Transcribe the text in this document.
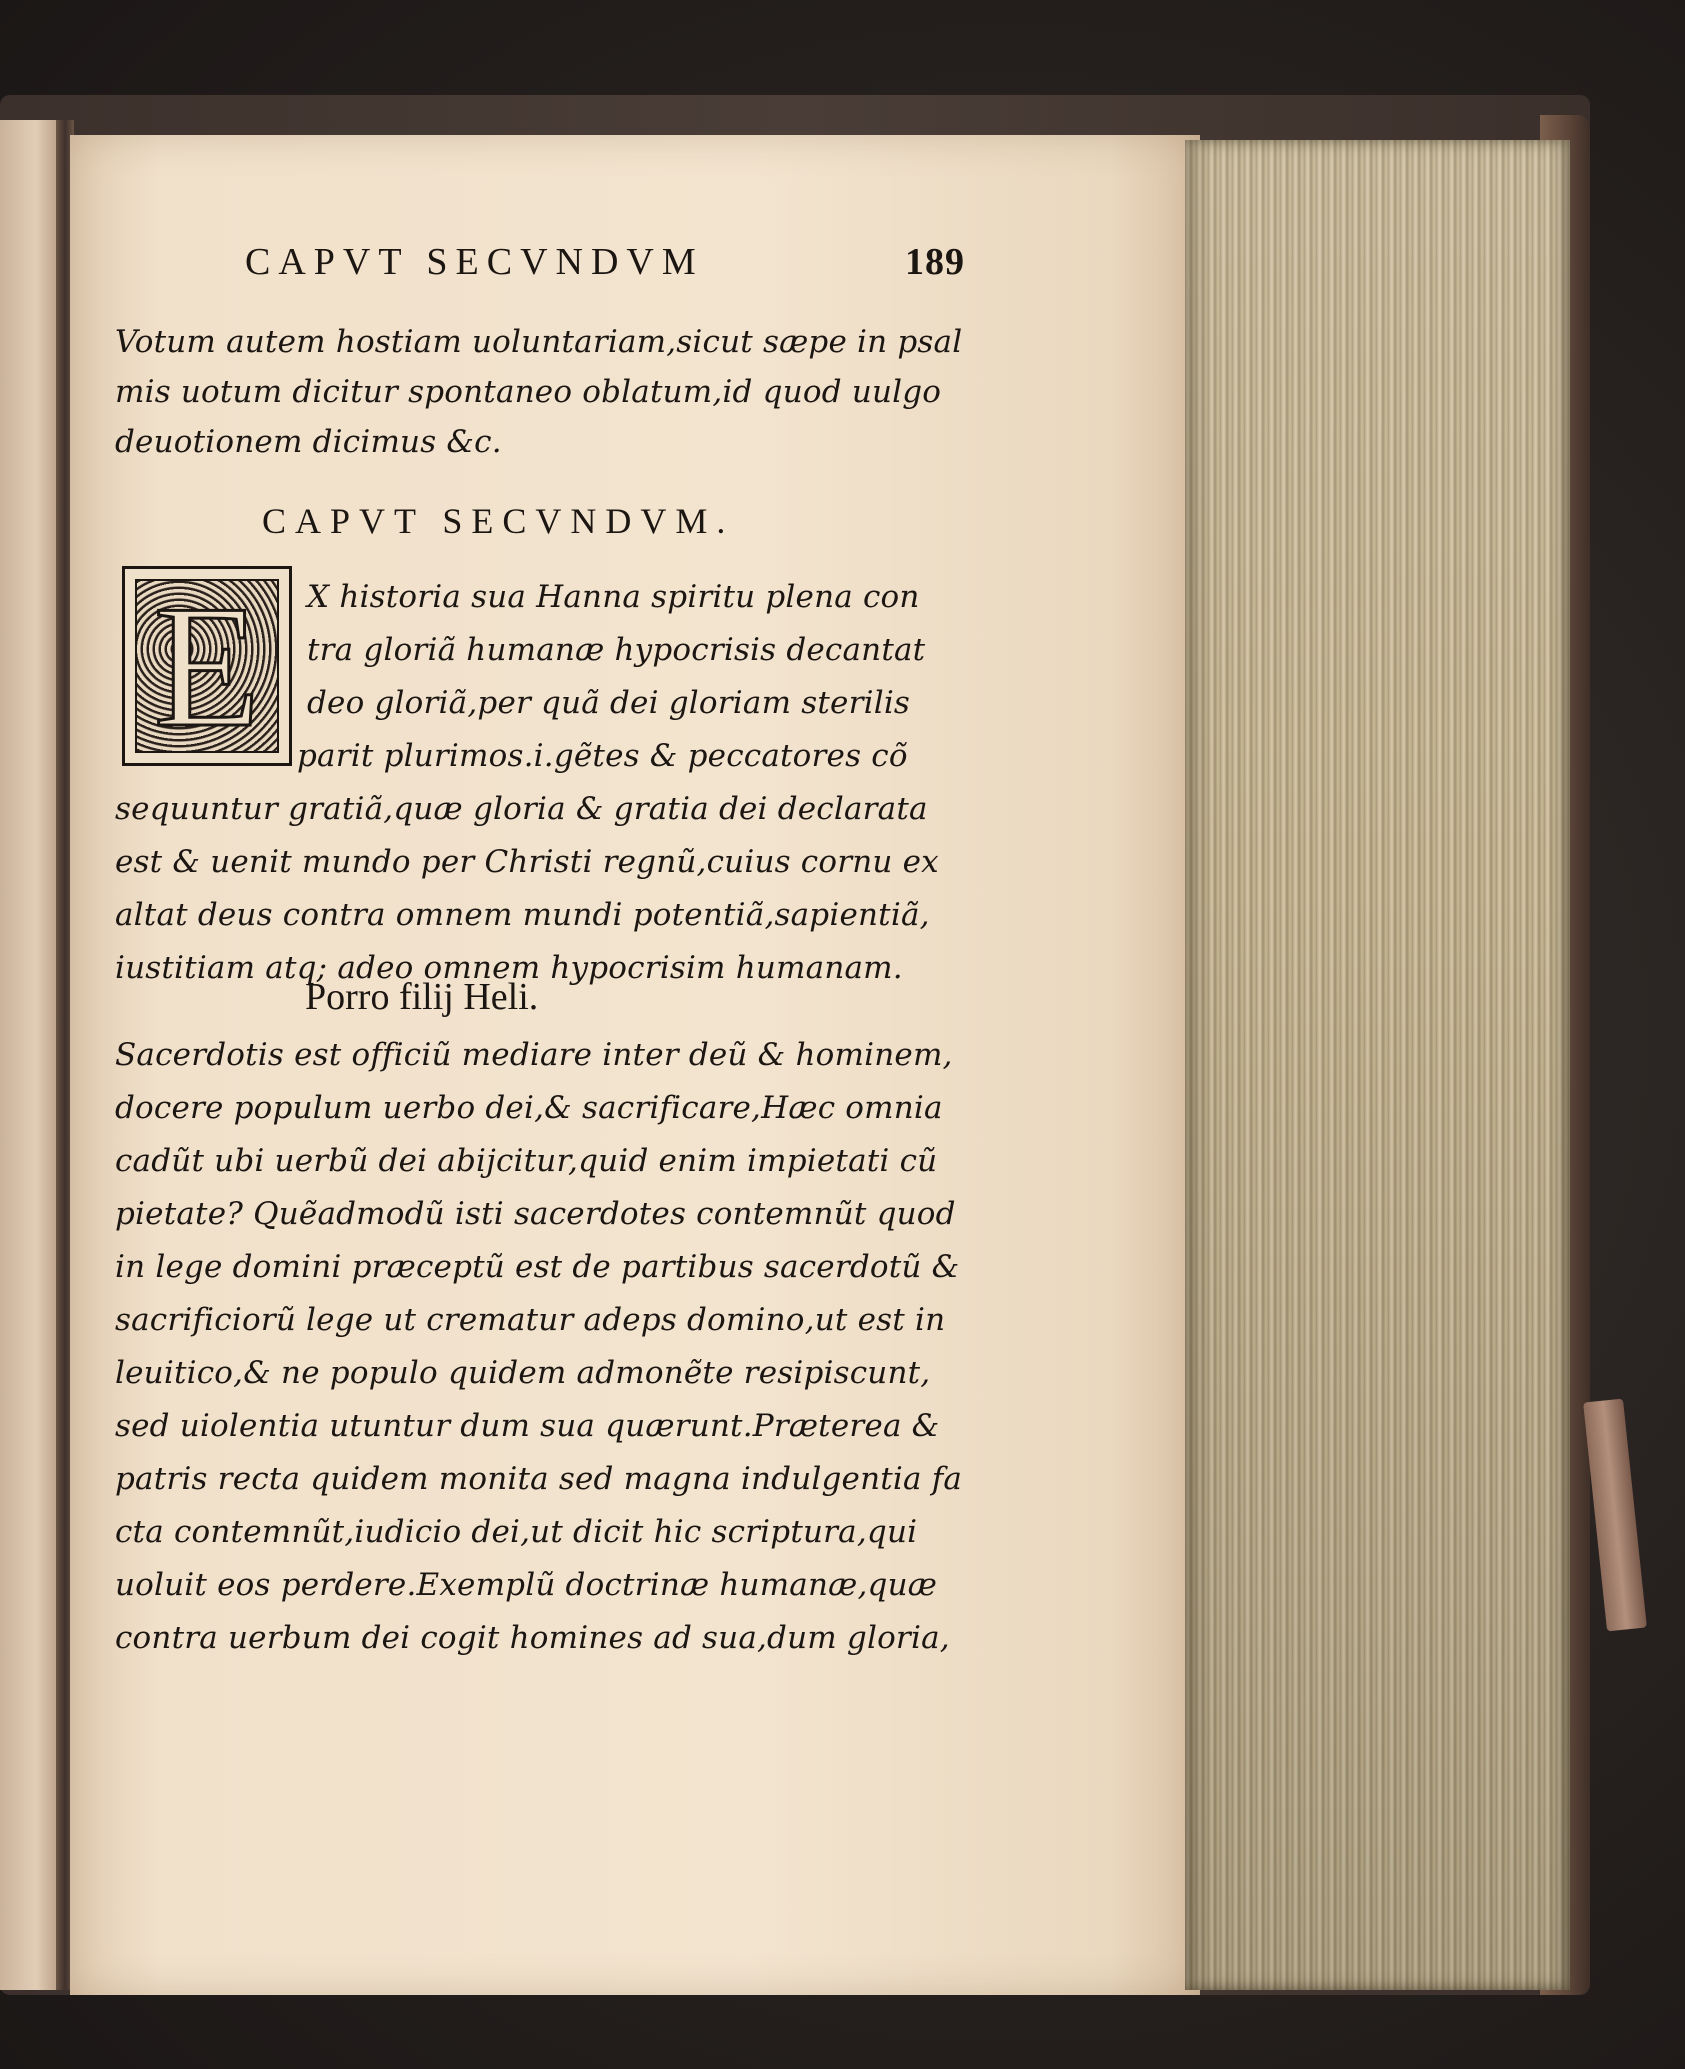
CAPVT SECVNDVM	189
Votum autem hostiam uoluntariam,sicut sæpe in psal
mis uotum dicitur spontaneo oblatum,id quod uulgo
deuotionem dicimus &c.
CAPVT SECVNDVM.
E	X historia sua Hanna spiritu plena con
tra gloriã humanæ hypocrisis decantat
deo gloriã,per quã dei gloriam sterilis
parit plurimos.i.gẽtes & peccatores cõ
sequuntur gratiã,quæ gloria & gratia dei declarata
est & uenit mundo per Christi regnũ,cuius cornu ex
altat deus contra omnem mundi potentiã,sapientiã,
iustitiam atq; adeo omnem hypocrisim humanam.
Porro filij Heli.
Sacerdotis est officiũ mediare inter deũ & hominem,
docere populum uerbo dei,& sacrificare,Hæc omnia
cadũt ubi uerbũ dei abijcitur,quid enim impietati cũ
pietate? Quẽadmodũ isti sacerdotes contemnũt quod
in lege domini præceptũ est de partibus sacerdotũ &
sacrificiorũ lege ut crematur adeps domino,ut est in
leuitico,& ne populo quidem admonẽte resipiscunt,
sed uiolentia utuntur dum sua quærunt.Præterea &
patris recta quidem monita sed magna indulgentia fa
cta contemnũt,iudicio dei,ut dicit hic scriptura,qui
uoluit eos perdere.Exemplũ doctrinæ humanæ,quæ
contra uerbum dei cogit homines ad sua,dum gloria,
